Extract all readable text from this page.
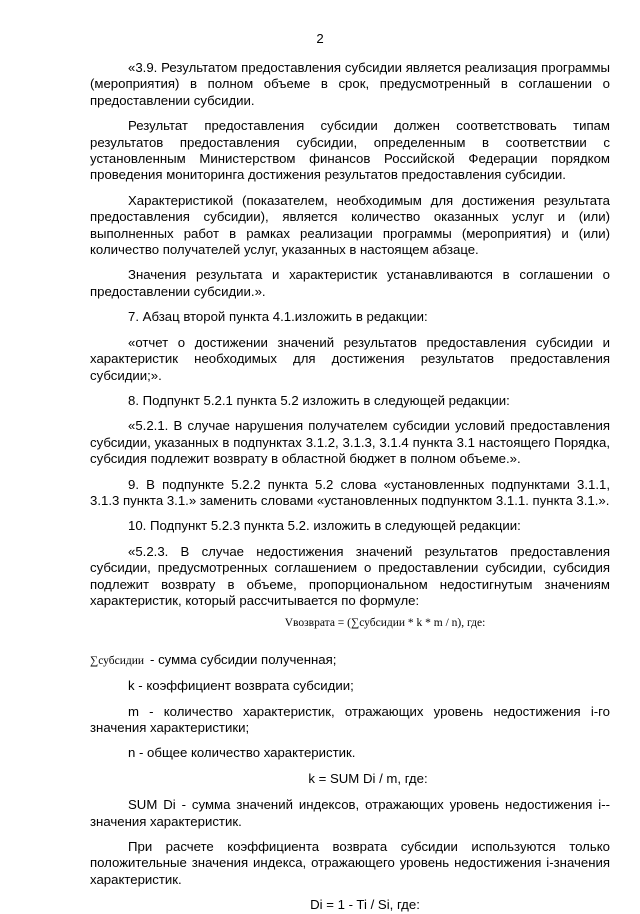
2

«3.9. Результатом предоставления субсидии является реализация программы (мероприятия) в полном объеме в срок, предусмотренный в соглашении о предоставлении субсидии.

Результат предоставления субсидии должен соответствовать типам результатов предоставления субсидии, определенным в соответствии с установленным Министерством финансов Российской Федерации порядком проведения мониторинга достижения результатов предоставления субсидии.

Характеристикой (показателем, необходимым для достижения результата предоставления субсидии), является количество оказанных услуг и (или) выполненных работ в рамках реализации программы (мероприятия) и (или) количество получателей услуг, указанных в настоящем абзаце.

Значения результата и характеристик устанавливаются в соглашении о предоставлении субсидии.».

7. Абзац второй пункта 4.1.изложить в редакции:

«отчет о достижении значений результатов предоставления субсидии и характеристик необходимых для достижения результатов предоставления субсидии;».

8. Подпункт 5.2.1 пункта 5.2 изложить в следующей редакции:

«5.2.1. В случае нарушения получателем субсидии условий предоставления субсидии, указанных в подпунктах 3.1.2, 3.1.3, 3.1.4 пункта 3.1 настоящего Порядка, субсидия подлежит возврату в областной бюджет в полном объеме.».

9. В подпункте 5.2.2 пункта 5.2 слова «установленных подпунктами 3.1.1, 3.1.3 пункта 3.1.» заменить словами «установленных подпунктом 3.1.1. пункта 3.1.».

10. Подпункт 5.2.3 пункта 5.2. изложить в следующей редакции:

«5.2.3. В случае недостижения значений результатов предоставления субсидии, предусмотренных соглашением о предоставлении субсидии, субсидия подлежит возврату в объеме, пропорциональном недостигнутым значениям характеристик, который рассчитывается по формуле:

Vвозврата = (∑субсидии * k * m / n), где:

∑субсидии - сумма субсидии полученная;

k - коэффициент возврата субсидии;

m - количество характеристик, отражающих уровень недостижения i-го значения характеристики;

n - общее количество характеристик.

k = SUM Di / m, где:

SUM Di - сумма значений индексов, отражающих уровень недостижения i--значения характеристик.

При расчете коэффициента возврата субсидии используются только положительные значения индекса, отражающего уровень недостижения i-значения характеристик.

Di = 1 - Ti / Si, где:
